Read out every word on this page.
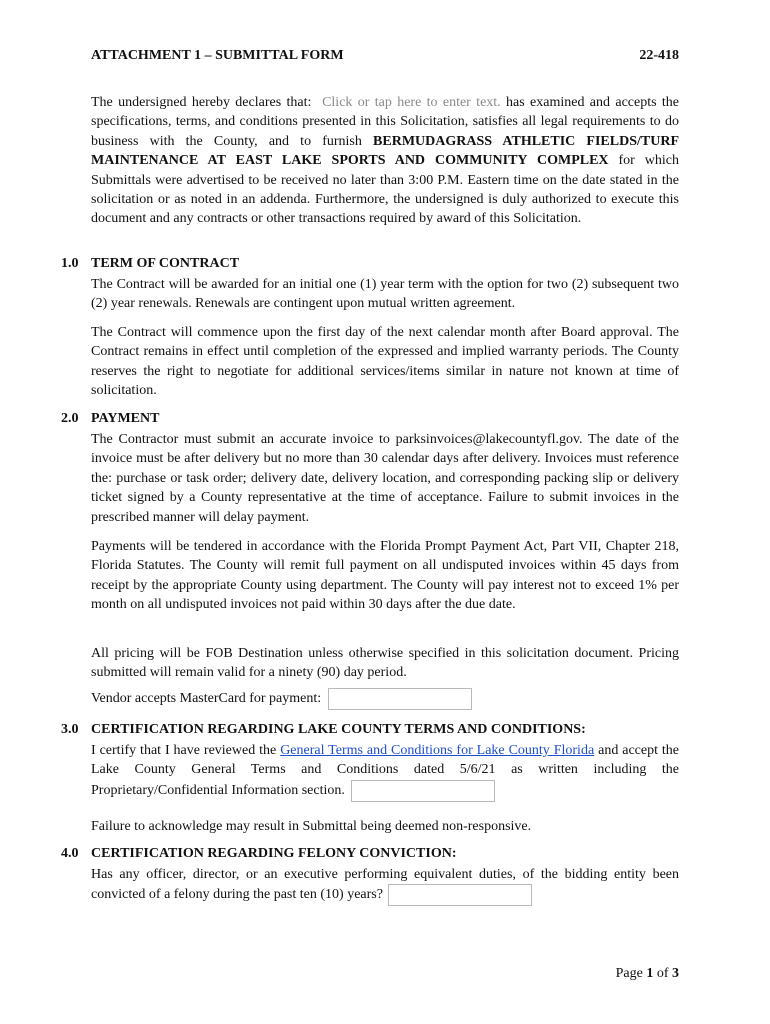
ATTACHMENT 1 – SUBMITTAL FORM	22-418
The undersigned hereby declares that: Click or tap here to enter text. has examined and accepts the specifications, terms, and conditions presented in this Solicitation, satisfies all legal requirements to do business with the County, and to furnish BERMUDAGRASS ATHLETIC FIELDS/TURF MAINTENANCE AT EAST LAKE SPORTS AND COMMUNITY COMPLEX for which Submittals were advertised to be received no later than 3:00 P.M. Eastern time on the date stated in the solicitation or as noted in an addenda. Furthermore, the undersigned is duly authorized to execute this document and any contracts or other transactions required by award of this Solicitation.
1.0 TERM OF CONTRACT
The Contract will be awarded for an initial one (1) year term with the option for two (2) subsequent two (2) year renewals. Renewals are contingent upon mutual written agreement.
The Contract will commence upon the first day of the next calendar month after Board approval. The Contract remains in effect until completion of the expressed and implied warranty periods. The County reserves the right to negotiate for additional services/items similar in nature not known at time of solicitation.
2.0 PAYMENT
The Contractor must submit an accurate invoice to parksinvoices@lakecountyfl.gov. The date of the invoice must be after delivery but no more than 30 calendar days after delivery. Invoices must reference the: purchase or task order; delivery date, delivery location, and corresponding packing slip or delivery ticket signed by a County representative at the time of acceptance. Failure to submit invoices in the prescribed manner will delay payment.
Payments will be tendered in accordance with the Florida Prompt Payment Act, Part VII, Chapter 218, Florida Statutes. The County will remit full payment on all undisputed invoices within 45 days from receipt by the appropriate County using department. The County will pay interest not to exceed 1% per month on all undisputed invoices not paid within 30 days after the due date.
All pricing will be FOB Destination unless otherwise specified in this solicitation document. Pricing submitted will remain valid for a ninety (90) day period.
Vendor accepts MasterCard for payment:
3.0 CERTIFICATION REGARDING LAKE COUNTY TERMS AND CONDITIONS:
I certify that I have reviewed the General Terms and Conditions for Lake County Florida and accept the Lake County General Terms and Conditions dated 5/6/21 as written including the Proprietary/Confidential Information section.
Failure to acknowledge may result in Submittal being deemed non-responsive.
4.0 CERTIFICATION REGARDING FELONY CONVICTION:
Has any officer, director, or an executive performing equivalent duties, of the bidding entity been convicted of a felony during the past ten (10) years?
Page 1 of 3
